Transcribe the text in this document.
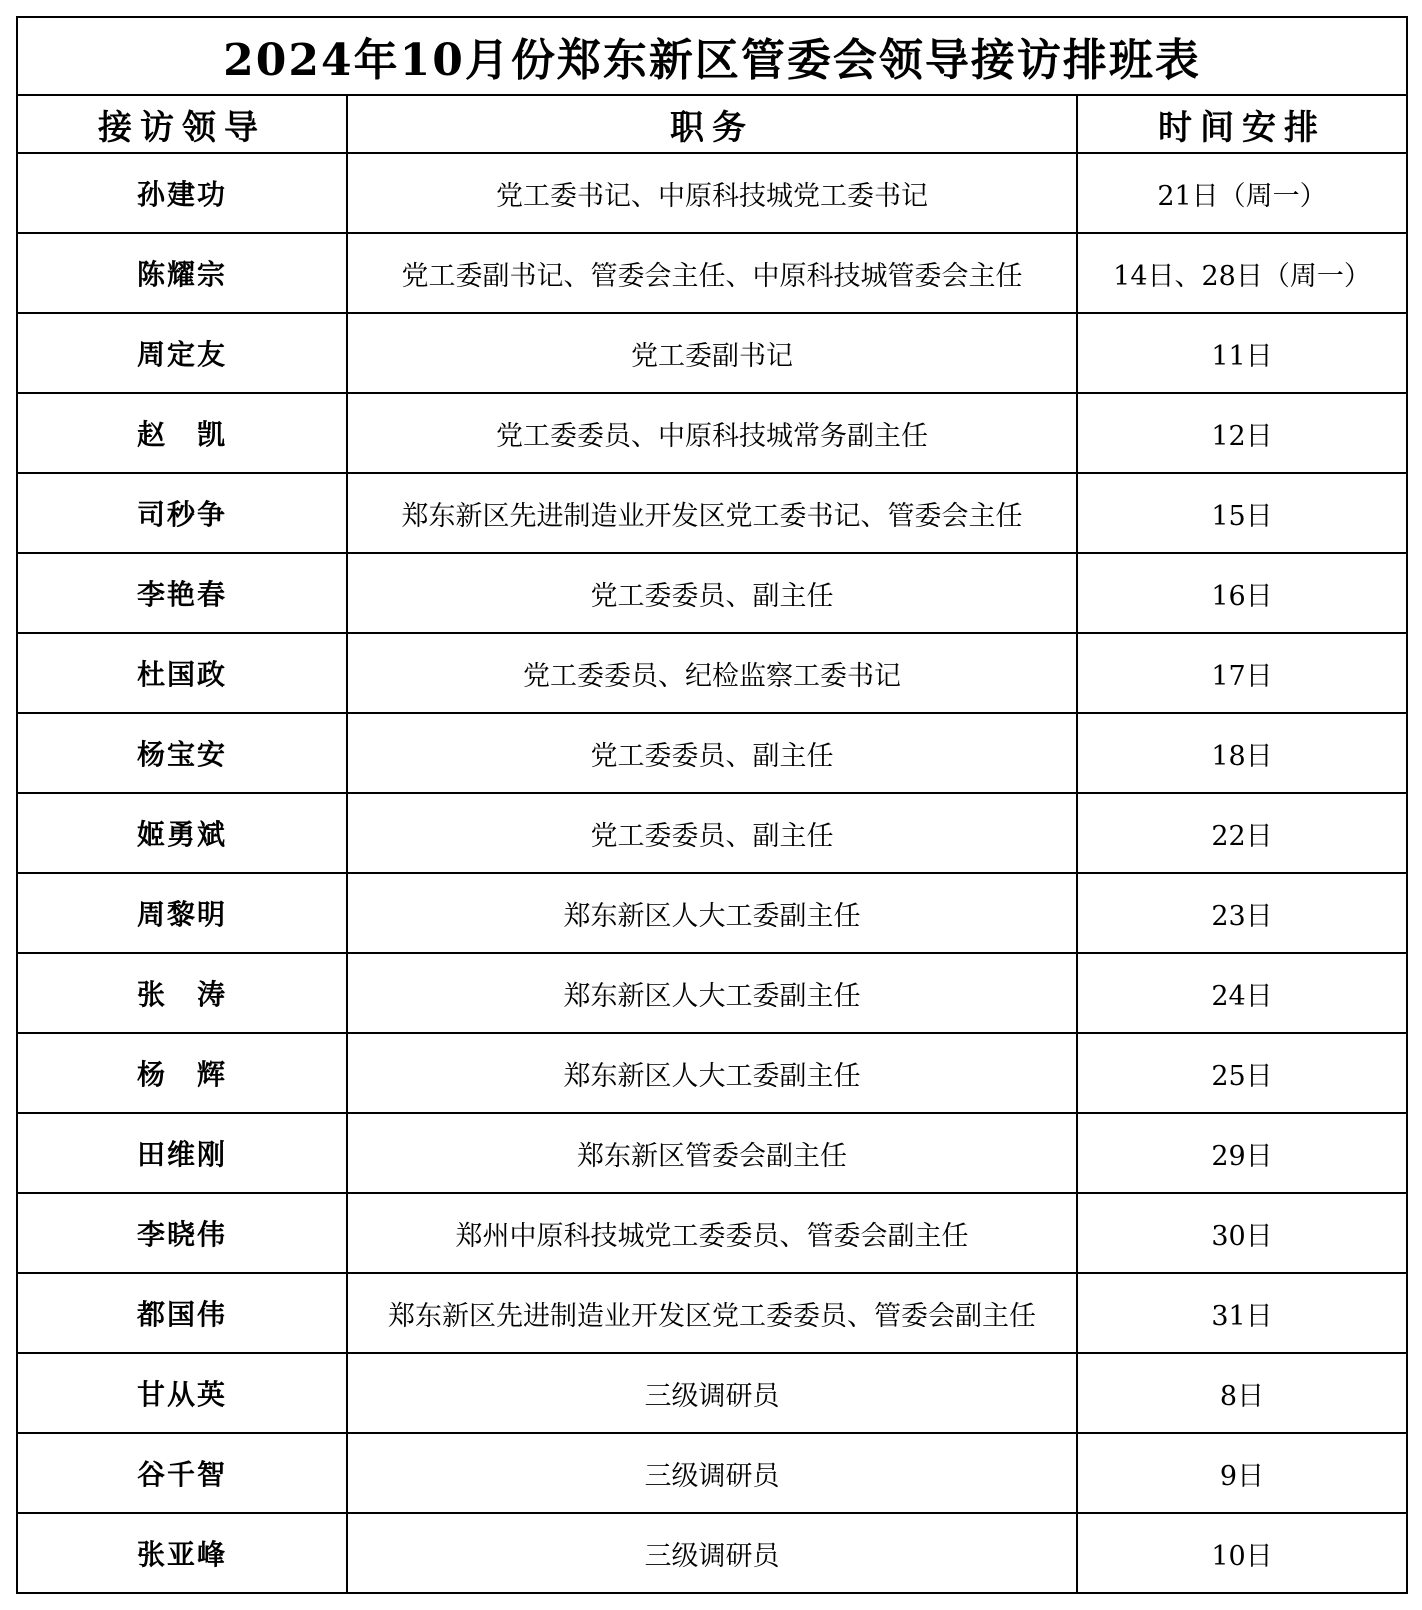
2024年10月份郑东新区管委会领导接访排班表		
接访领导	职务	时间安排
孙建功	党工委书记、中原科技城党工委书记	21日（周一）
陈耀宗	党工委副书记、管委会主任、中原科技城管委会主任	14日、28日（周一）
周定友	党工委副书记	11日
赵　凯	党工委委员、中原科技城常务副主任	12日
司秒争	郑东新区先进制造业开发区党工委书记、管委会主任	15日
李艳春	党工委委员、副主任	16日
杜国政	党工委委员、纪检监察工委书记	17日
杨宝安	党工委委员、副主任	18日
姬勇斌	党工委委员、副主任	22日
周黎明	郑东新区人大工委副主任	23日
张　涛	郑东新区人大工委副主任	24日
杨　辉	郑东新区人大工委副主任	25日
田维刚	郑东新区管委会副主任	29日
李晓伟	郑州中原科技城党工委委员、管委会副主任	30日
都国伟	郑东新区先进制造业开发区党工委委员、管委会副主任	31日
甘从英	三级调研员	8日
谷千智	三级调研员	9日
张亚峰	三级调研员	10日
